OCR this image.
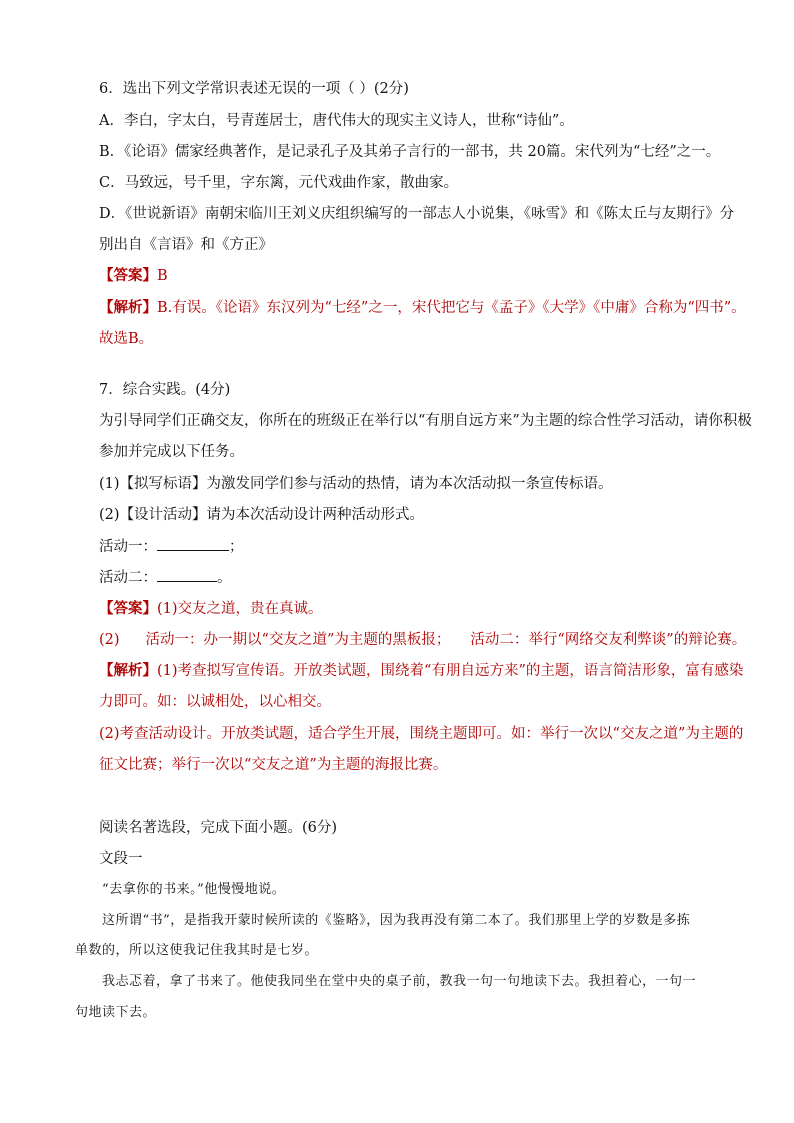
6．选出下列文学常识表述无误的一项（ ）(2分)
A．李白，字太白，号青莲居士，唐代伟大的现实主义诗人，世称“诗仙”。
B．《论语》儒家经典著作，是记录孔子及其弟子言行的一部书，共 20篇。宋代列为“七经”之一。
C．马致远，号千里，字东篱，元代戏曲作家，散曲家。
D．《世说新语》南朝宋临川王刘义庆组织编写的一部志人小说集，《咏雪》和《陈太丘与友期行》分
别出自《言语》和《方正》
【答案】B
【解析】B.有误。《论语》东汉列为“七经”之一，宋代把它与《孟子》《大学》《中庸》合称为“四书”。
故选B。
7．综合实践。(4分)
为引导同学们正确交友，你所在的班级正在举行以“有朋自远方来”为主题的综合性学习活动，请你积极
参加并完成以下任务。
(1)【拟写标语】为激发同学们参与活动的热情，请为本次活动拟一条宣传标语。
(2)【设计活动】请为本次活动设计两种活动形式。
活动一：	；
活动二：	。
【答案】(1)交友之道，贵在真诚。
(2) 活动一：办一期以“交友之道”为主题的黑板报； 活动二：举行“网络交友利弊谈”的辩论赛。
【解析】(1)考查拟写宣传语。开放类试题，围绕着“有朋自远方来”的主题，语言简洁形象，富有感染
力即可。如：以诚相处，以心相交。
(2)考查活动设计。开放类试题，适合学生开展，围绕主题即可。如：举行一次以“交友之道”为主题的
征文比赛；举行一次以“交友之道”为主题的海报比赛。
阅读名著选段，完成下面小题。(6分)
文段一
“去拿你的书来。”他慢慢地说。
这所谓“书”，是指我开蒙时候所读的《鉴略》，因为我再没有第二本了。我们那里上学的岁数是多拣
单数的，所以这使我记住我其时是七岁。
我忐忑着，拿了书来了。他使我同坐在堂中央的桌子前，教我一句一句地读下去。我担着心，一句一
句地读下去。
